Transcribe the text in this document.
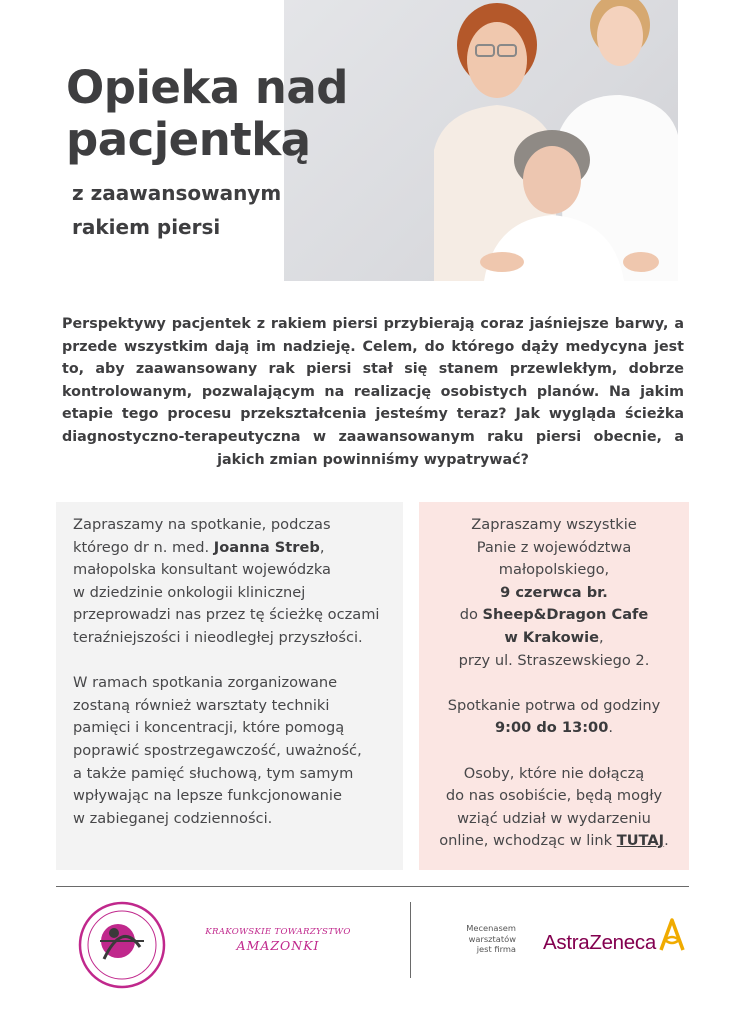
Opieka nad
pacjentką
z zaawansowanym
rakiem piersi

Perspektywy pacjentek z rakiem piersi przybierają coraz jaśniejsze barwy, a przede wszystkim dają im nadzieję. Celem, do którego dąży medycyna jest to, aby zaawansowany rak piersi stał się stanem przewlekłym, dobrze kontrolowanym, pozwalającym na realizację osobistych planów. Na jakim etapie tego procesu przekształcenia jesteśmy teraz? Jak wygląda ścieżka diagnostyczno-terapeutyczna w zaawansowanym raku piersi obecnie, a jakich zmian powinniśmy wypatrywać?

Zapraszamy na spotkanie, podczas
którego dr n. med. Joanna Streb,
małopolska konsultant wojewódzka
w dziedzinie onkologii klinicznej
przeprowadzi nas przez tę ścieżkę oczami
teraźniejszości i nieodległej przyszłości.

W ramach spotkania zorganizowane
zostaną również warsztaty techniki
pamięci i koncentracji, które pomogą
poprawić spostrzegawczość, uważność,
a także pamięć słuchową, tym samym
wpływając na lepsze funkcjonowanie
w zabieganej codzienności.

Zapraszamy wszystkie
Panie z województwa
małopolskiego,
9 czerwca br.
do Sheep&Dragon Cafe
w Krakowie,
przy ul. Straszewskiego 2.

Spotkanie potrwa od godziny
9:00 do 13:00.

Osoby, które nie dołączą
do nas osobiście, będą mogły
wziąć udział w wydarzeniu
online, wchodząc w link TUTAJ.

KRAKOWSKIE TOWARZYSTWO
AMAZONKI
Mecenasem
warsztatów
jest firma AstraZeneca
